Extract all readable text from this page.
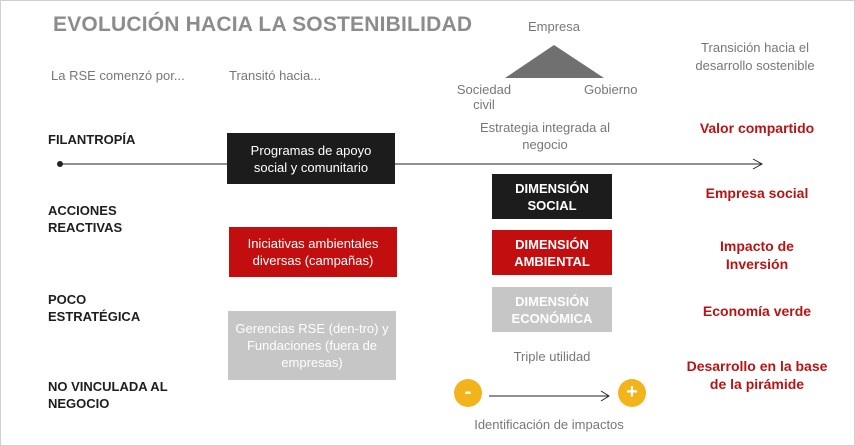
EVOLUCIÓN HACIA LA SOSTENIBILIDAD
La RSE comenzó por...	Transitó hacia...
Transición hacia el desarrollo sostenible
Empresa
Sociedad civil
Gobierno
FILANTROPÍA
ACCIONES REACTIVAS
POCO ESTRATÉGICA
NO VINCULADA AL NEGOCIO
Programas de apoyo social y comunitario
Iniciativas ambientales diversas (campañas)
Gerencias RSE (den-tro) y Fundaciones (fuera de empresas)
Estrategia integrada al negocio
DIMENSIÓN SOCIAL
DIMENSIÓN AMBIENTAL
DIMENSIÓN ECONÓMICA
Triple utilidad
-	+
Identificación de impactos
Valor compartido
Empresa social
Impacto de Inversión
Economía verde
Desarrollo en la base de la pirámide
